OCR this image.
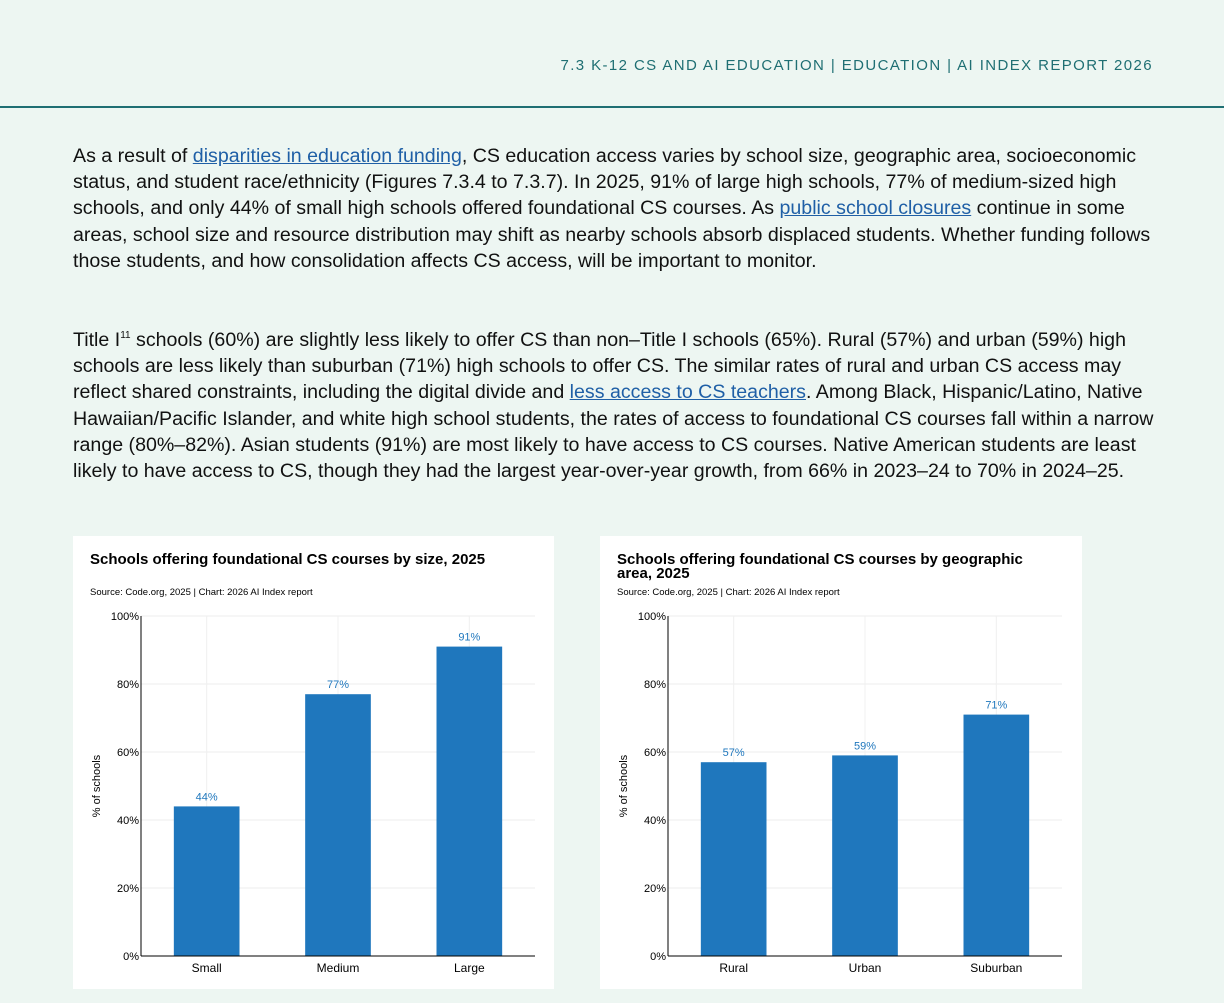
7.3 K-12 CS AND AI EDUCATION | EDUCATION | AI INDEX REPORT 2026

As a result of disparities in education funding, CS education access varies by school size, geographic area, socioeconomic status, and student race/ethnicity (Figures 7.3.4 to 7.3.7). In 2025, 91% of large high schools, 77% of medium-sized high schools, and only 44% of small high schools offered foundational CS courses. As public school closures continue in some areas, school size and resource distribution may shift as nearby schools absorb displaced students. Whether funding follows those students, and how consolidation affects CS access, will be important to monitor.

Title $I^{11}$ schools (60%) are slightly less likely to offer CS than non–Title I schools (65%). Rural (57%) and urban (59%) high schools are less likely than suburban (71%) high schools to offer CS. The similar rates of rural and urban CS access may reflect shared constraints, including the digital divide and less access to CS teachers. Among Black, Hispanic/Latino, Native Hawaiian/Pacific Islander, and white high school students, the rates of access to foundational CS courses fall within a narrow range (80%–82%). Asian students (91%) are most likely to have access to CS courses. Native American students are least likely to have access to CS, though they had the largest year-over-year growth, from 66% in 2023–24 to 70% in 2024–25.

Schools offering foundational CS courses by size, 2025

Source: Code.org, 2025 | Chart: 2026 AI Index report
0%
20%
40%
60%
80%
100%
44%
Small
77%
Medium
91%
Large
% of schools

Schools offering foundational CS courses by geographic area, 2025

Source: Code.org, 2025 | Chart: 2026 AI Index report
0%
20%
40%
60%
80%
100%
57%
Rural
59%
Urban
71%
Suburban
% of schools
